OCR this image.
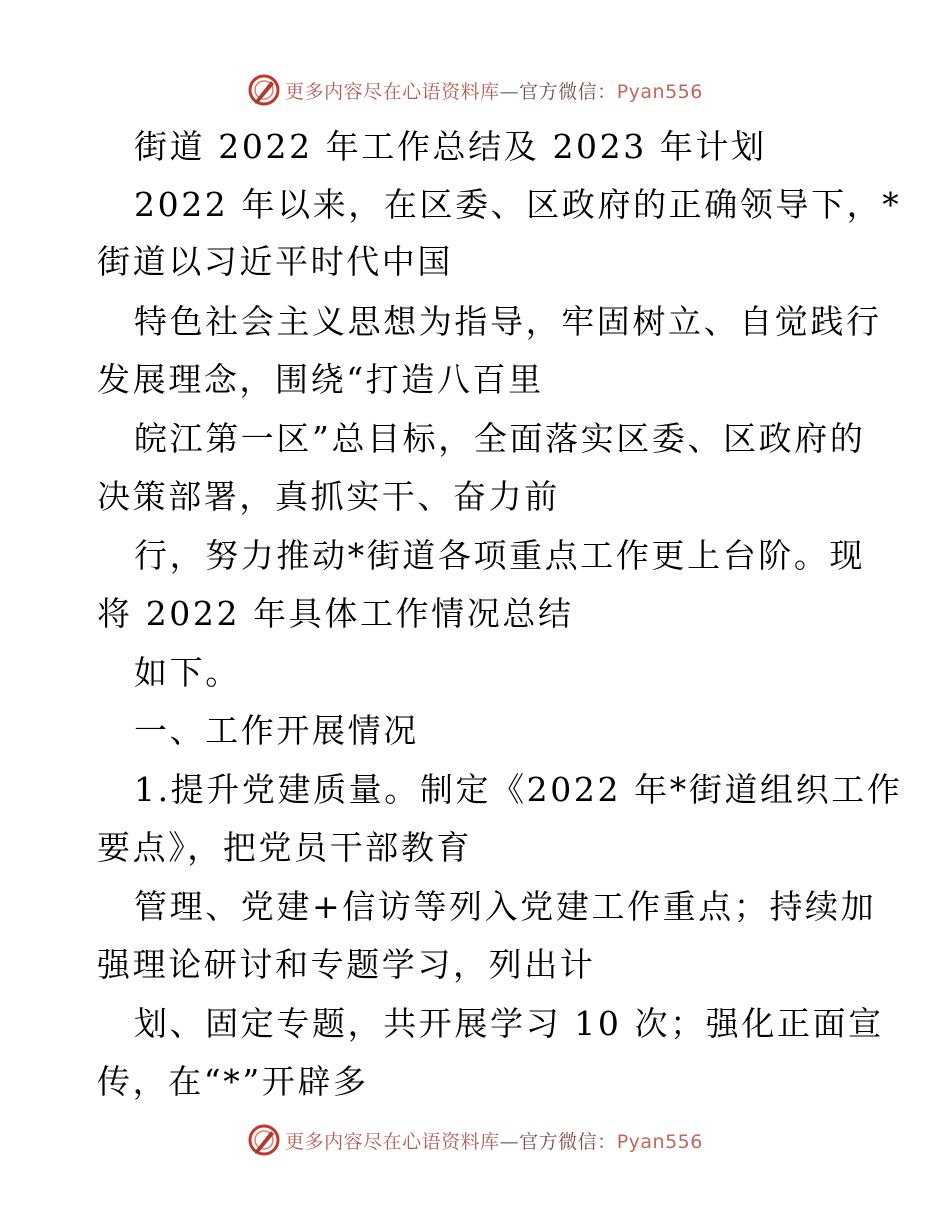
更多内容尽在心语资料库—官方微信：Pyan556
街道 2022 年工作总结及 2023 年计划
2022 年以来，在区委、区政府的正确领导下，*
街道以习近平时代中国
特色社会主义思想为指导，牢固树立、自觉践行
发展理念，围绕“打造八百里
皖江第一区”总目标，全面落实区委、区政府的
决策部署，真抓实干、奋力前
行，努力推动*街道各项重点工作更上台阶。现
将 2022 年具体工作情况总结
如下。
一、工作开展情况
1.提升党建质量。制定《2022 年*街道组织工作
要点》，把党员干部教育
管理、党建+信访等列入党建工作重点；持续加
强理论研讨和专题学习，列出计
划、固定专题，共开展学习 10 次；强化正面宣
传，在“*”开辟多
更多内容尽在心语资料库—官方微信：Pyan556
